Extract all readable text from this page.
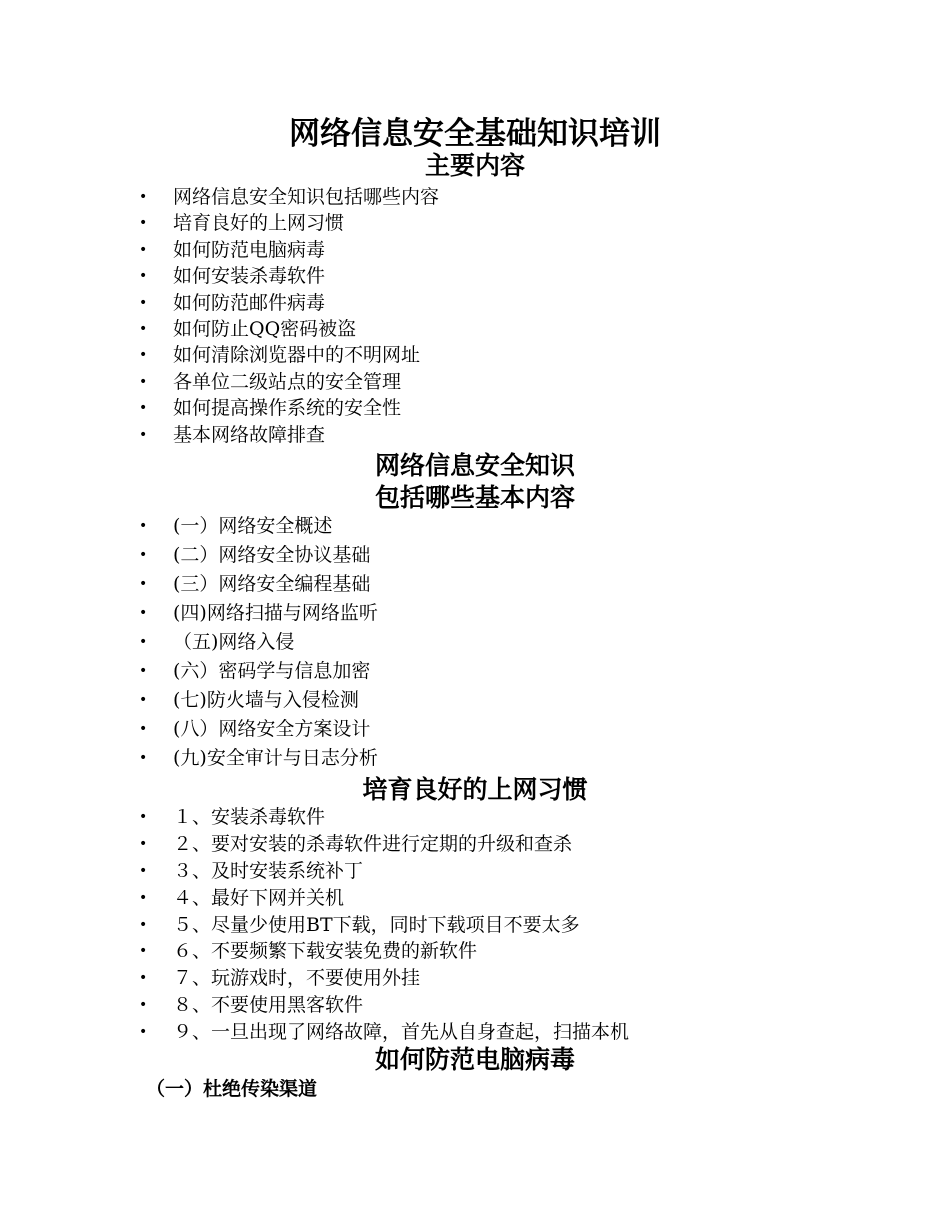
网络信息安全基础知识培训
主要内容
• 网络信息安全知识包括哪些内容
• 培育良好的上网习惯
• 如何防范电脑病毒
• 如何安装杀毒软件
• 如何防范邮件病毒
• 如何防止QQ密码被盗
• 如何清除浏览器中的不明网址
• 各单位二级站点的安全管理
• 如何提高操作系统的安全性
• 基本网络故障排查
网络信息安全知识
包括哪些基本内容
• (一）网络安全概述
• (二）网络安全协议基础
• (三）网络安全编程基础
• (四)网络扫描与网络监听
• （五)网络入侵
• (六）密码学与信息加密
• (七)防火墙与入侵检测
• (八）网络安全方案设计
• (九)安全审计与日志分析
培育良好的上网习惯
• １、安装杀毒软件
• ２、要对安装的杀毒软件进行定期的升级和查杀
• ３、及时安装系统补丁
• ４、最好下网并关机
• ５、尽量少使用BT下载，同时下载项目不要太多
• ６、不要频繁下载安装免费的新软件
• ７、玩游戏时，不要使用外挂
• ８、不要使用黑客软件
• ９、一旦出现了网络故障，首先从自身查起，扫描本机
如何防范电脑病毒
（一）杜绝传染渠道
